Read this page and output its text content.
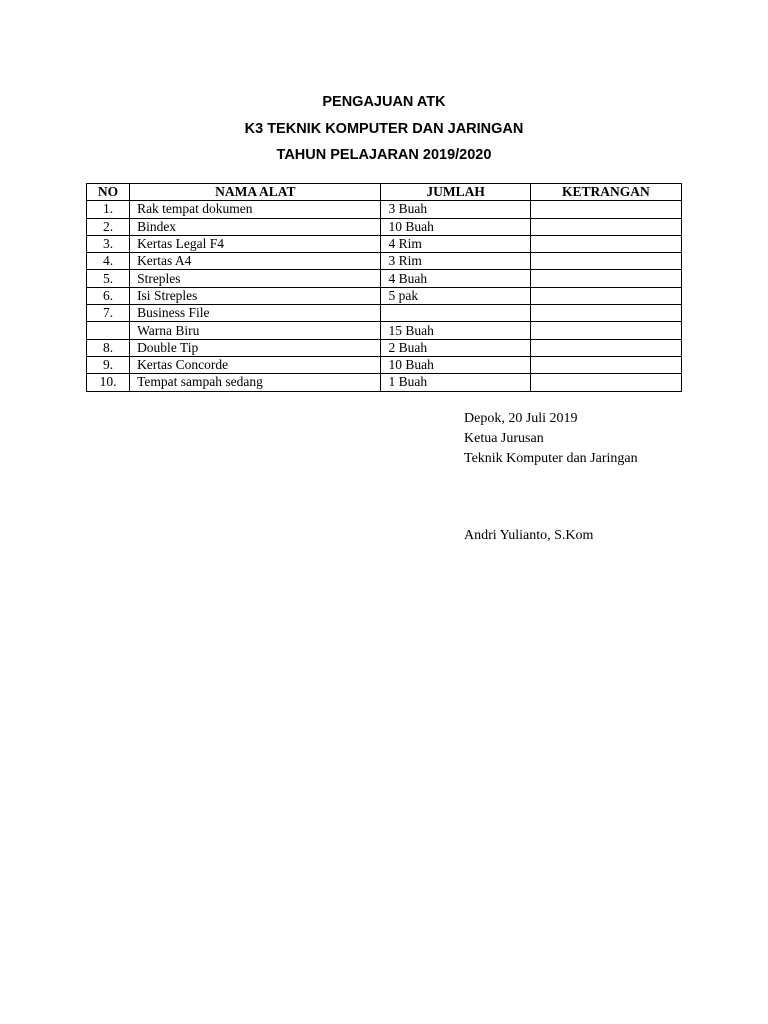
PENGAJUAN ATK
K3 TEKNIK KOMPUTER DAN JARINGAN
TAHUN PELAJARAN 2019/2020
NO	NAMA ALAT	JUMLAH	KETRANGAN
1.	Rak tempat dokumen	3 Buah	
2.	Bindex	10 Buah	
3.	Kertas Legal F4	4 Rim	
4.	Kertas A4	3 Rim	
5.	Streples	4 Buah	
6.	Isi Streples	5 pak	
7.	Business File		
	Warna Biru	15 Buah	
8.	Double Tip	2 Buah	
9.	Kertas Concorde	10 Buah	
10.	Tempat sampah sedang	1 Buah	
Depok, 20 Juli 2019
Ketua Jurusan
Teknik Komputer dan Jaringan
Andri Yulianto, S.Kom
